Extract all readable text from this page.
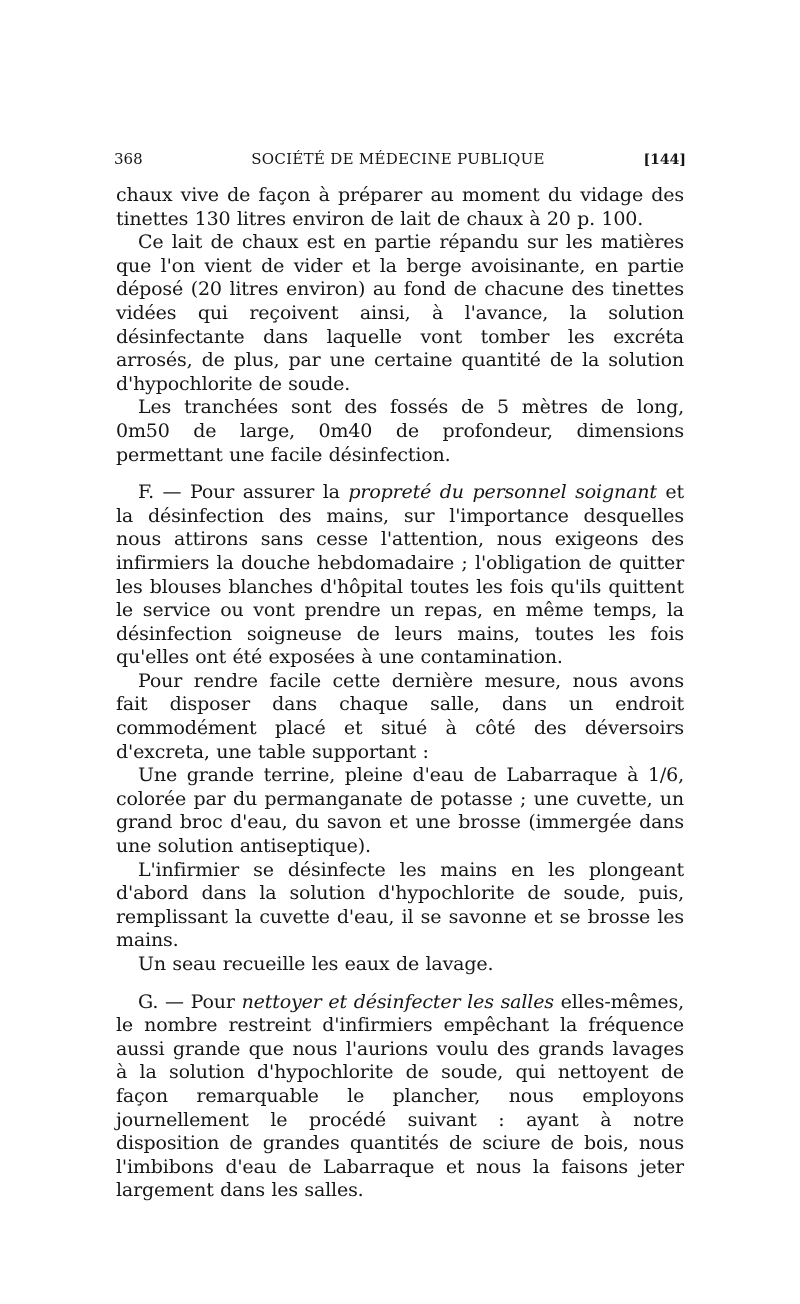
368	SOCIÉTÉ DE MÉDECINE PUBLIQUE	[144]

chaux vive de façon à préparer au moment du vidage des tinettes 130 litres environ de lait de chaux à 20 p. 100.

Ce lait de chaux est en partie répandu sur les matières que l'on vient de vider et la berge avoisinante, en partie déposé (20 litres environ) au fond de chacune des tinettes vidées qui reçoivent ainsi, à l'avance, la solution désinfectante dans laquelle vont tomber les excréta arrosés, de plus, par une certaine quantité de la solution d'hypochlorite de soude.

Les tranchées sont des fossés de 5 mètres de long, 0m50 de large, 0m40 de profondeur, dimensions permettant une facile désinfection.

F. — Pour assurer la propreté du personnel soignant et la désinfection des mains, sur l'importance desquelles nous attirons sans cesse l'attention, nous exigeons des infirmiers la douche hebdomadaire ; l'obligation de quitter les blouses blanches d'hôpital toutes les fois qu'ils quittent le service ou vont prendre un repas, en même temps, la désinfection soigneuse de leurs mains, toutes les fois qu'elles ont été exposées à une contamination.

Pour rendre facile cette dernière mesure, nous avons fait disposer dans chaque salle, dans un endroit commodément placé et situé à côté des déversoirs d'excreta, une table supportant :

Une grande terrine, pleine d'eau de Labarraque à 1/6, colorée par du permanganate de potasse ; une cuvette, un grand broc d'eau, du savon et une brosse (immergée dans une solution antiseptique).

L'infirmier se désinfecte les mains en les plongeant d'abord dans la solution d'hypochlorite de soude, puis, remplissant la cuvette d'eau, il se savonne et se brosse les mains.

Un seau recueille les eaux de lavage.

G. — Pour nettoyer et désinfecter les salles elles-mêmes, le nombre restreint d'infirmiers empêchant la fréquence aussi grande que nous l'aurions voulu des grands lavages à la solution d'hypochlorite de soude, qui nettoyent de façon remarquable le plancher, nous employons journellement le procédé suivant : ayant à notre disposition de grandes quantités de sciure de bois, nous l'imbibons d'eau de Labarraque et nous la faisons jeter largement dans les salles.
